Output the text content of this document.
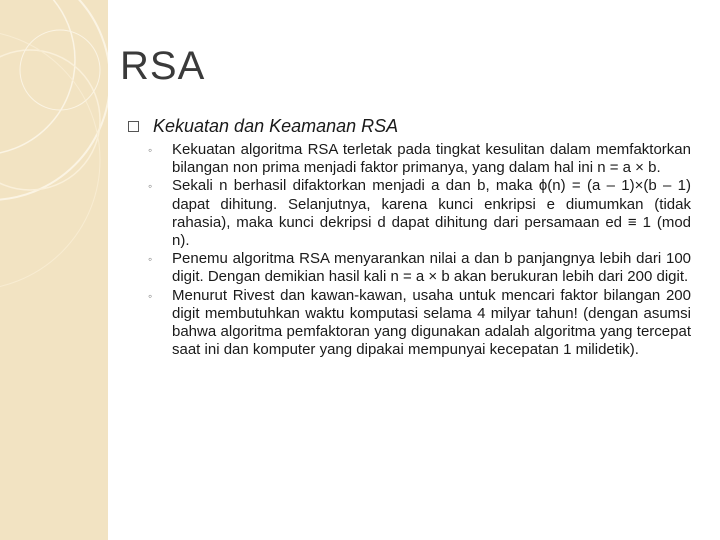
RSA
Kekuatan dan Keamanan RSA
◦ Kekuatan algoritma RSA terletak pada tingkat kesulitan dalam memfaktorkan bilangan non prima menjadi faktor primanya, yang dalam hal ini n = a × b.
◦ Sekali n berhasil difaktorkan menjadi a dan b, maka ϕ(n) = (a – 1)×(b – 1) dapat dihitung. Selanjutnya, karena kunci enkripsi e diumumkan (tidak rahasia), maka kunci dekripsi d dapat dihitung dari persamaan ed ≡ 1 (mod n).
◦ Penemu algoritma RSA menyarankan nilai a dan b panjangnya lebih dari 100 digit. Dengan demikian hasil kali n = a × b akan berukuran lebih dari 200 digit.
◦ Menurut Rivest dan kawan-kawan, usaha untuk mencari faktor bilangan 200 digit membutuhkan waktu komputasi selama 4 milyar tahun! (dengan asumsi bahwa algoritma pemfaktoran yang digunakan adalah algoritma yang tercepat saat ini dan komputer yang dipakai mempunyai kecepatan 1 milidetik).
